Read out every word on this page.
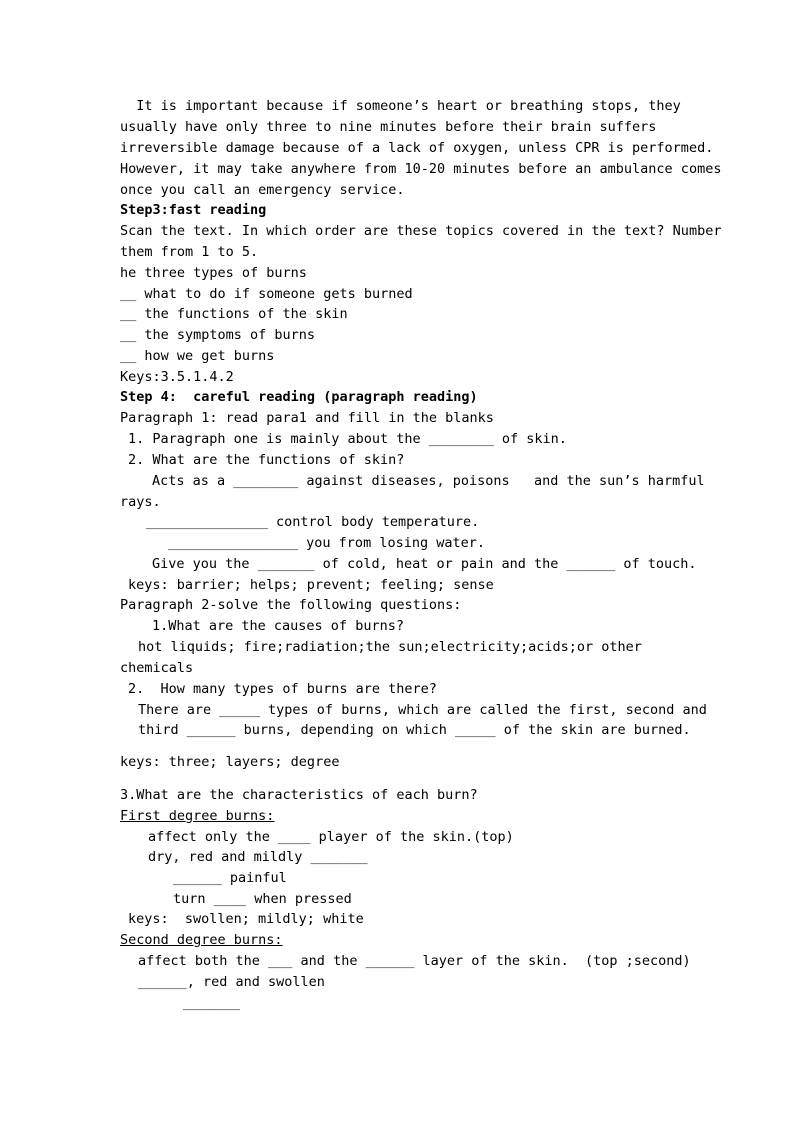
It is important because if someone’s heart or breathing stops, they
usually have only three to nine minutes before their brain suffers
irreversible damage because of a lack of oxygen, unless CPR is performed.
However, it may take anywhere from 10-20 minutes before an ambulance comes
once you call an emergency service.
Step3:fast reading
Scan the text. In which order are these topics covered in the text? Number
them from 1 to 5.
he three types of burns
__ what to do if someone gets burned
__ the functions of the skin
__ the symptoms of burns
__ how we get burns
Keys:3.5.1.4.2
Step 4:  careful reading (paragraph reading)
Paragraph 1: read para1 and fill in the blanks
1. Paragraph one is mainly about the ________ of skin.
2. What are the functions of skin?
Acts as a ________ against diseases, poisons   and the sun’s harmful
rays.
_______________ control body temperature.
________________ you from losing water.
Give you the _______ of cold, heat or pain and the ______ of touch.
keys: barrier; helps; prevent; feeling; sense
Paragraph 2-solve the following questions:
1.What are the causes of burns?
hot liquids; fire;radiation;the sun;electricity;acids;or other
chemicals
2.  How many types of burns are there?
There are _____ types of burns, which are called the first, second and
third ______ burns, depending on which _____ of the skin are burned.
keys: three; layers; degree
3.What are the characteristics of each burn?
First degree burns:
affect only the ____ player of the skin.(top)
dry, red and mildly _______
______ painful
turn ____ when pressed
keys:  swollen; mildly; white
Second degree burns:
affect both the ___ and the ______ layer of the skin.  (top ;second)
______, red and swollen
_______
